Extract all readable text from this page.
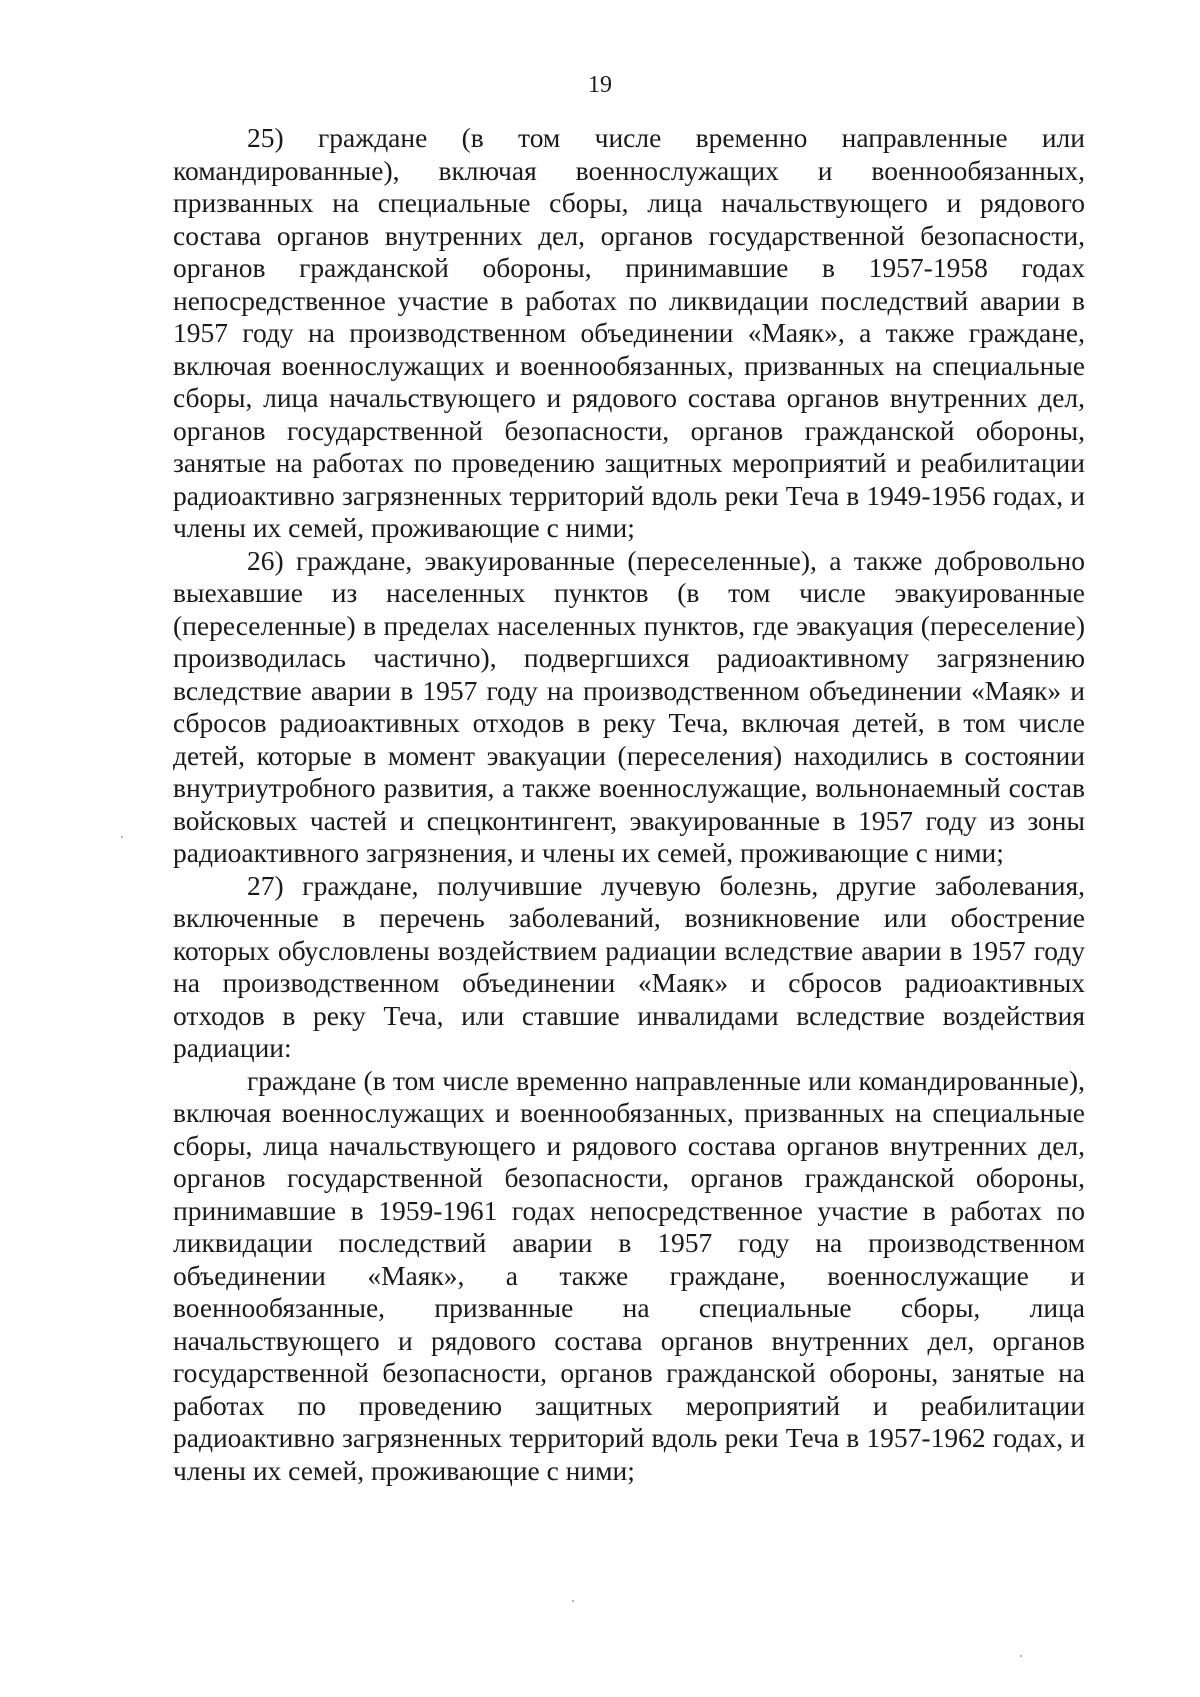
19

25) граждане (в том числе временно направленные или командированные), включая военнослужащих и военнообязанных, призванных на специальные сборы, лица начальствующего и рядового состава органов внутренних дел, органов государственной безопасности, органов гражданской обороны, принимавшие в 1957-1958 годах непосредственное участие в работах по ликвидации последствий аварии в 1957 году на производственном объединении «Маяк», а также граждане, включая военнослужащих и военнообязанных, призванных на специальные сборы, лица начальствующего и рядового состава органов внутренних дел, органов государственной безопасности, органов гражданской обороны, занятые на работах по проведению защитных мероприятий и реабилитации радиоактивно загрязненных территорий вдоль реки Теча в 1949-1956 годах, и члены их семей, проживающие с ними;

26) граждане, эвакуированные (переселенные), а также добровольно выехавшие из населенных пунктов (в том числе эвакуированные (переселенные) в пределах населенных пунктов, где эвакуация (переселение) производилась частично), подвергшихся радиоактивному загрязнению вследствие аварии в 1957 году на производственном объединении «Маяк» и сбросов радиоактивных отходов в реку Теча, включая детей, в том числе детей, которые в момент эвакуации (переселения) находились в состоянии внутриутробного развития, а также военнослужащие, вольнонаемный состав войсковых частей и спецконтингент, эвакуированные в 1957 году из зоны радиоактивного загрязнения, и члены их семей, проживающие с ними;

27) граждане, получившие лучевую болезнь, другие заболевания, включенные в перечень заболеваний, возникновение или обострение которых обусловлены воздействием радиации вследствие аварии в 1957 году на производственном объединении «Маяк» и сбросов радиоактивных отходов в реку Теча, или ставшие инвалидами вследствие воздействия радиации:

граждане (в том числе временно направленные или командированные), включая военнослужащих и военнообязанных, призванных на специальные сборы, лица начальствующего и рядового состава органов внутренних дел, органов государственной безопасности, органов гражданской обороны, принимавшие в 1959-1961 годах непосредственное участие в работах по ликвидации последствий аварии в 1957 году на производственном объединении «Маяк», а также граждане, военнослужащие и военнообязанные, призванные на специальные сборы, лица начальствующего и рядового состава органов внутренних дел, органов государственной безопасности, органов гражданской обороны, занятые на работах по проведению защитных мероприятий и реабилитации радиоактивно загрязненных территорий вдоль реки Теча в 1957-1962 годах, и члены их семей, проживающие с ними;
